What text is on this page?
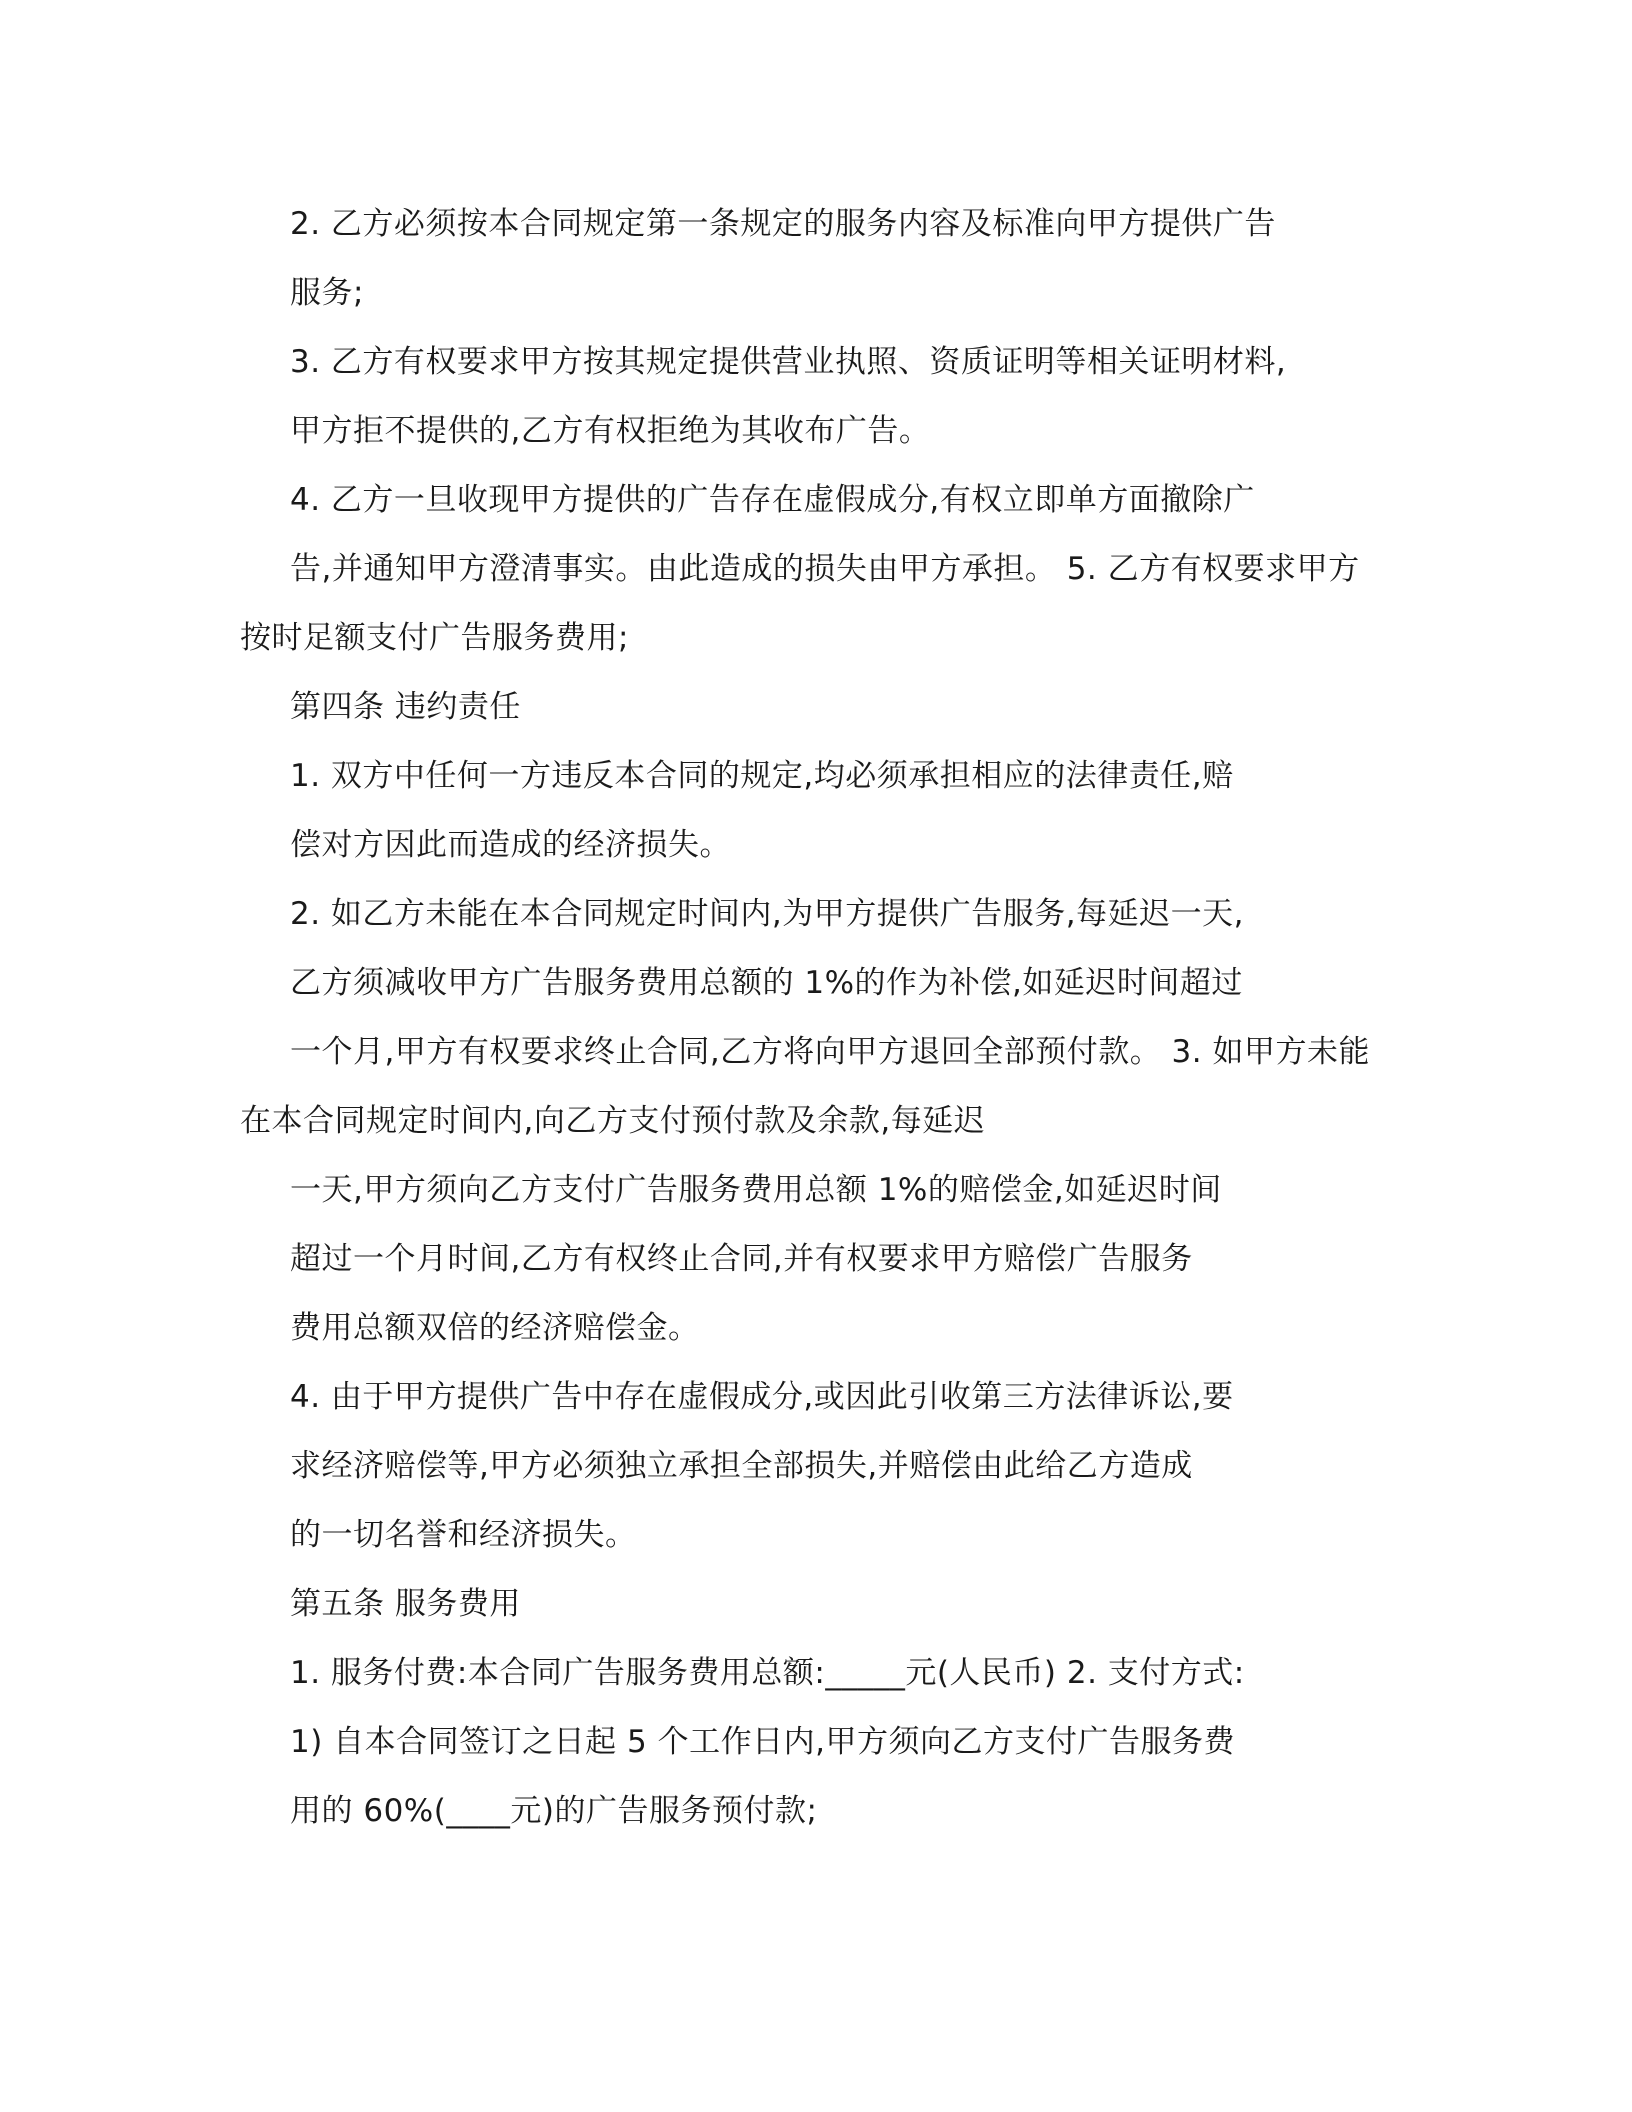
2. 乙方必须按本合同规定第一条规定的服务内容及标准向甲方提供广告
服务;
3. 乙方有权要求甲方按其规定提供营业执照、资质证明等相关证明材料,
甲方拒不提供的,乙方有权拒绝为其收布广告。
4. 乙方一旦收现甲方提供的广告存在虚假成分,有权立即单方面撤除广
告,并通知甲方澄清事实。由此造成的损失由甲方承担。 5. 乙方有权要求甲方
按时足额支付广告服务费用;
第四条 违约责任
1. 双方中任何一方违反本合同的规定,均必须承担相应的法律责任,赔
偿对方因此而造成的经济损失。
2. 如乙方未能在本合同规定时间内,为甲方提供广告服务,每延迟一天,
乙方须减收甲方广告服务费用总额的 1%的作为补偿,如延迟时间超过
一个月,甲方有权要求终止合同,乙方将向甲方退回全部预付款。 3. 如甲方未能
在本合同规定时间内,向乙方支付预付款及余款,每延迟
一天,甲方须向乙方支付广告服务费用总额 1%的赔偿金,如延迟时间
超过一个月时间,乙方有权终止合同,并有权要求甲方赔偿广告服务
费用总额双倍的经济赔偿金。
4. 由于甲方提供广告中存在虚假成分,或因此引收第三方法律诉讼,要
求经济赔偿等,甲方必须独立承担全部损失,并赔偿由此给乙方造成
的一切名誉和经济损失。
第五条 服务费用
1. 服务付费:本合同广告服务费用总额:_____元(人民币) 2. 支付方式:
1) 自本合同签订之日起 5 个工作日内,甲方须向乙方支付广告服务费
用的 60%(____元)的广告服务预付款;
